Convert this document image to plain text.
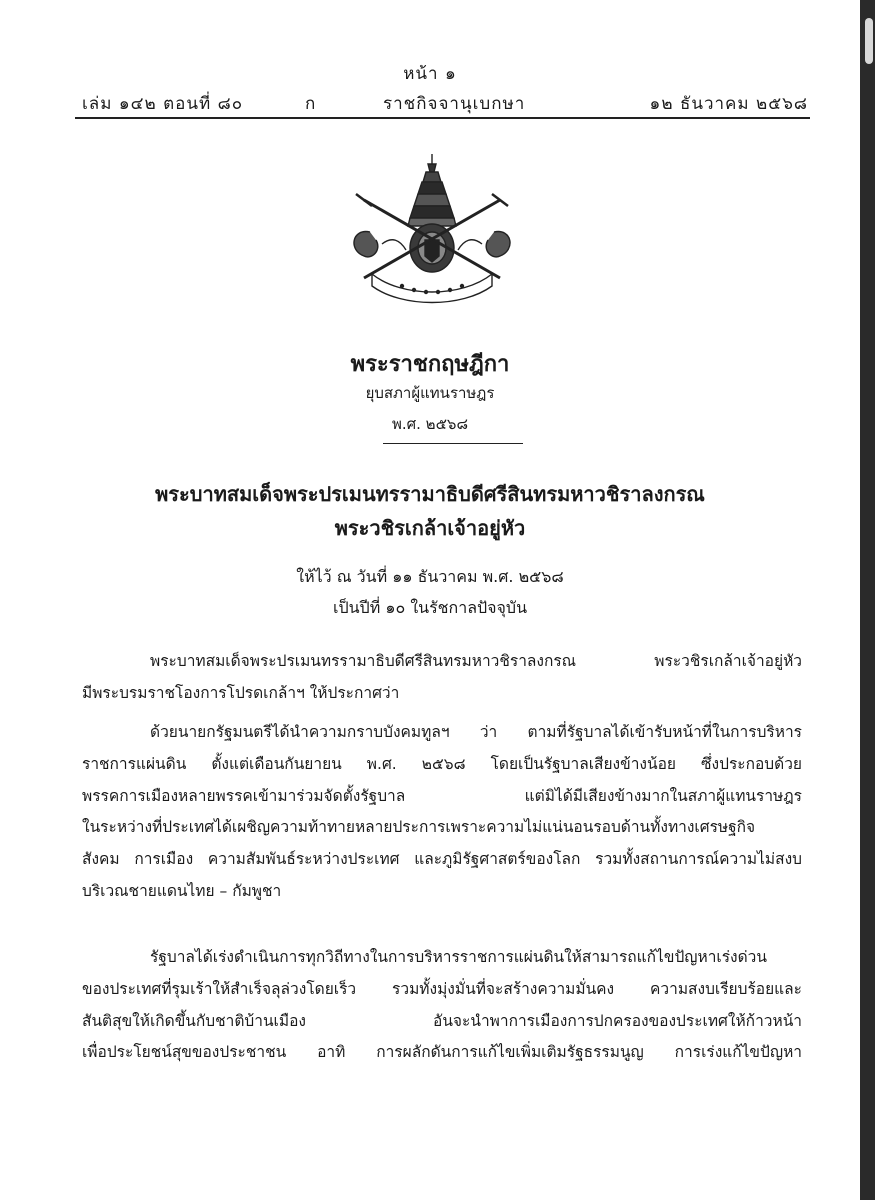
หน้า ๑
เล่ม ๑๔๒ ตอนที่ ๘๐	ก	ราชกิจจานุเบกษา	๑๒ ธันวาคม ๒๕๖๘
พระราชกฤษฎีกา
ยุบสภาผู้แทนราษฎร
พ.ศ. ๒๕๖๘
พระบาทสมเด็จพระปรเมนทรรามาธิบดีศรีสินทรมหาวชิราลงกรณ
พระวชิรเกล้าเจ้าอยู่หัว
ให้ไว้ ณ วันที่ ๑๑ ธันวาคม พ.ศ. ๒๕๖๘
เป็นปีที่ ๑๐ ในรัชกาลปัจจุบัน
พระบาทสมเด็จพระปรเมนทรรามาธิบดีศรีสินทรมหาวชิราลงกรณ พระวชิรเกล้าเจ้าอยู่หัว
มีพระบรมราชโองการโปรดเกล้าฯ ให้ประกาศว่า
ด้วยนายกรัฐมนตรีได้นำความกราบบังคมทูลฯ ว่า ตามที่รัฐบาลได้เข้ารับหน้าที่ในการบริหาร
ราชการแผ่นดิน ตั้งแต่เดือนกันยายน พ.ศ. ๒๕๖๘ โดยเป็นรัฐบาลเสียงข้างน้อย ซึ่งประกอบด้วย
พรรคการเมืองหลายพรรคเข้ามาร่วมจัดตั้งรัฐบาล แต่มิได้มีเสียงข้างมากในสภาผู้แทนราษฎร
ในระหว่างที่ประเทศได้เผชิญความท้าทายหลายประการเพราะความไม่แน่นอนรอบด้านทั้งทางเศรษฐกิจ
สังคม การเมือง ความสัมพันธ์ระหว่างประเทศ และภูมิรัฐศาสตร์ของโลก รวมทั้งสถานการณ์ความไม่สงบ
บริเวณชายแดนไทย – กัมพูชา
รัฐบาลได้เร่งดำเนินการทุกวิถีทางในการบริหารราชการแผ่นดินให้สามารถแก้ไขปัญหาเร่งด่วน
ของประเทศที่รุมเร้าให้สำเร็จลุล่วงโดยเร็ว รวมทั้งมุ่งมั่นที่จะสร้างความมั่นคง ความสงบเรียบร้อยและ
สันติสุขให้เกิดขึ้นกับชาติบ้านเมือง อันจะนำพาการเมืองการปกครองของประเทศให้ก้าวหน้า
เพื่อประโยชน์สุขของประชาชน อาทิ การผลักดันการแก้ไขเพิ่มเติมรัฐธรรมนูญ การเร่งแก้ไขปัญหา
